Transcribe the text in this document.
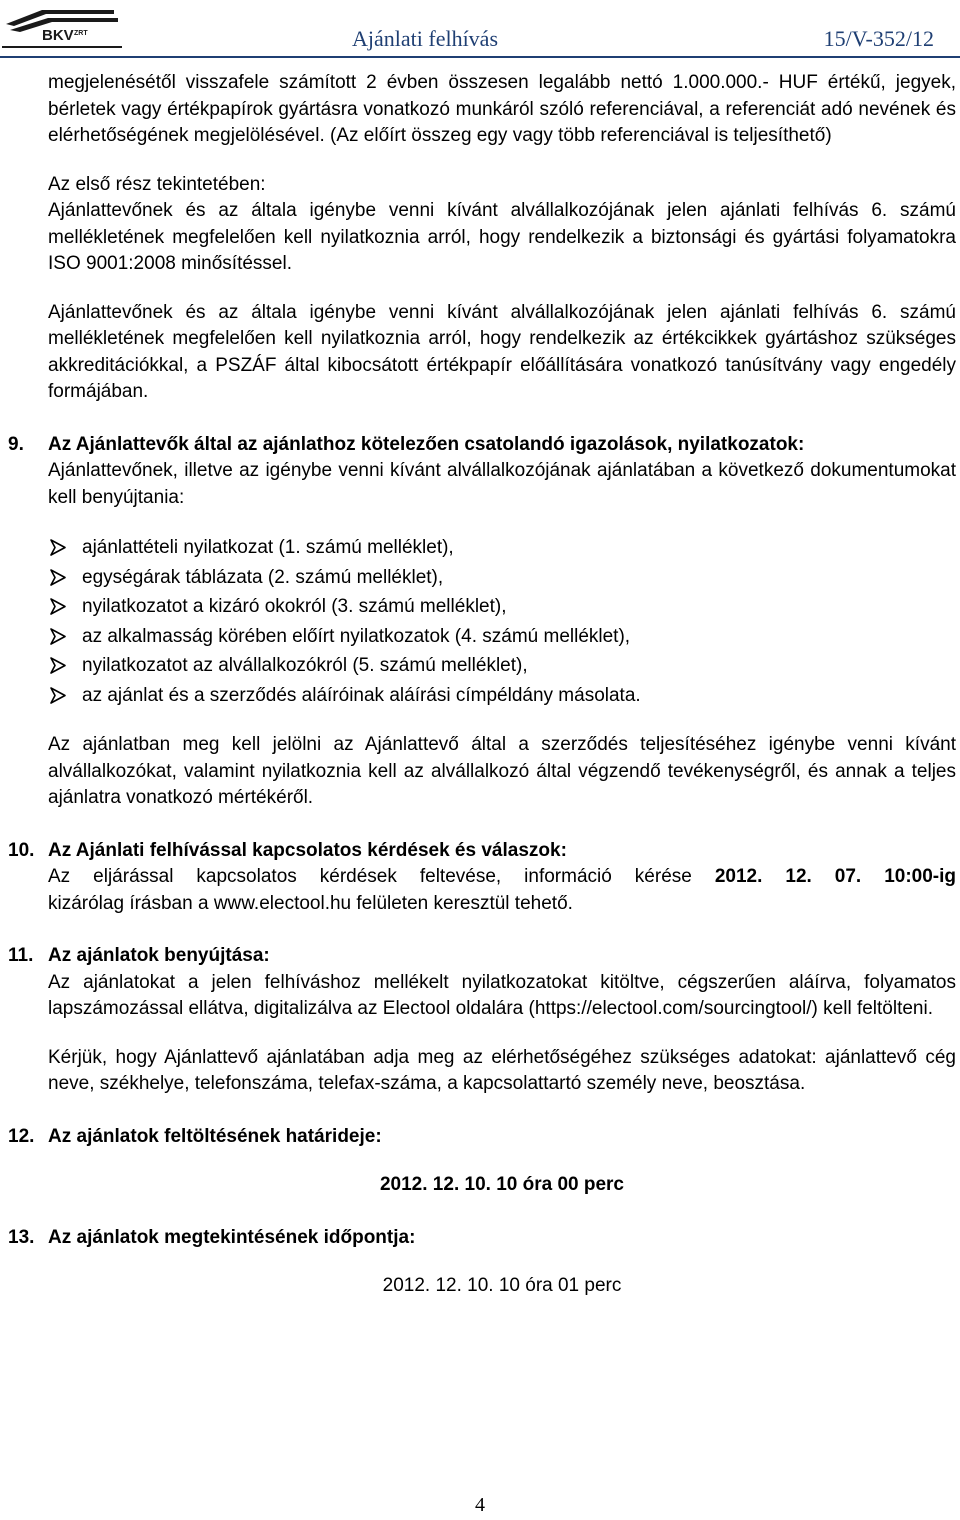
BKV ZRT	Ajánlati felhívás	15/V-352/12

megjelenésétől visszafele számított 2 évben összesen legalább nettó 1.000.000.- HUF értékű, jegyek, bérletek vagy értékpapírok gyártásra vonatkozó munkáról szóló referenciával, a referenciát adó nevének és elérhetőségének megjelölésével. (Az előírt összeg egy vagy több referenciával is teljesíthető)

Az első rész tekintetében:

Ajánlattevőnek és az általa igénybe venni kívánt alvállalkozójának jelen ajánlati felhívás 6. számú mellékletének megfelelően kell nyilatkoznia arról, hogy rendelkezik a biztonsági és gyártási folyamatokra ISO 9001:2008 minősítéssel.

Ajánlattevőnek és az általa igénybe venni kívánt alvállalkozójának jelen ajánlati felhívás 6. számú mellékletének megfelelően kell nyilatkoznia arról, hogy rendelkezik az értékcikkek gyártáshoz szükséges akkreditációkkal, a PSZÁF által kibocsátott értékpapír előállítására vonatkozó tanúsítvány vagy engedély formájában.

9. Az Ajánlattevők által az ajánlathoz kötelezően csatolandó igazolások, nyilatkozatok:

Ajánlattevőnek, illetve az igénybe venni kívánt alvállalkozójának ajánlatában a következő dokumentumokat kell benyújtania:

ajánlattételi nyilatkozat (1. számú melléklet),
egységárak táblázata (2. számú melléklet),
nyilatkozatot a kizáró okokról (3. számú melléklet),
az alkalmasság körében előírt nyilatkozatok (4. számú melléklet),
nyilatkozatot az alvállalkozókról (5. számú melléklet),
az ajánlat és a szerződés aláíróinak aláírási címpéldány másolata.

Az ajánlatban meg kell jelölni az Ajánlattevő által a szerződés teljesítéséhez igénybe venni kívánt alvállalkozókat, valamint nyilatkoznia kell az alvállalkozó által végzendő tevékenységről, és annak a teljes ajánlatra vonatkozó mértékéről.

10. Az Ajánlati felhívással kapcsolatos kérdések és válaszok:

Az eljárással kapcsolatos kérdések feltevése, információ kérése 2012. 12. 07. 10:00-ig

kizárólag írásban a www.electool.hu felületen keresztül tehető.

11. Az ajánlatok benyújtása:

Az ajánlatokat a jelen felhíváshoz mellékelt nyilatkozatokat kitöltve, cégszerűen aláírva, folyamatos lapszámozással ellátva, digitalizálva az Electool oldalára (https://electool.com/sourcingtool/) kell feltölteni.

Kérjük, hogy Ajánlattevő ajánlatában adja meg az elérhetőségéhez szükséges adatokat: ajánlattevő cég neve, székhelye, telefonszáma, telefax-száma, a kapcsolattartó személy neve, beosztása.

12. Az ajánlatok feltöltésének határideje:

2012. 12. 10. 10 óra 00 perc

13. Az ajánlatok megtekintésének időpontja:

2012. 12. 10. 10 óra 01 perc

4
